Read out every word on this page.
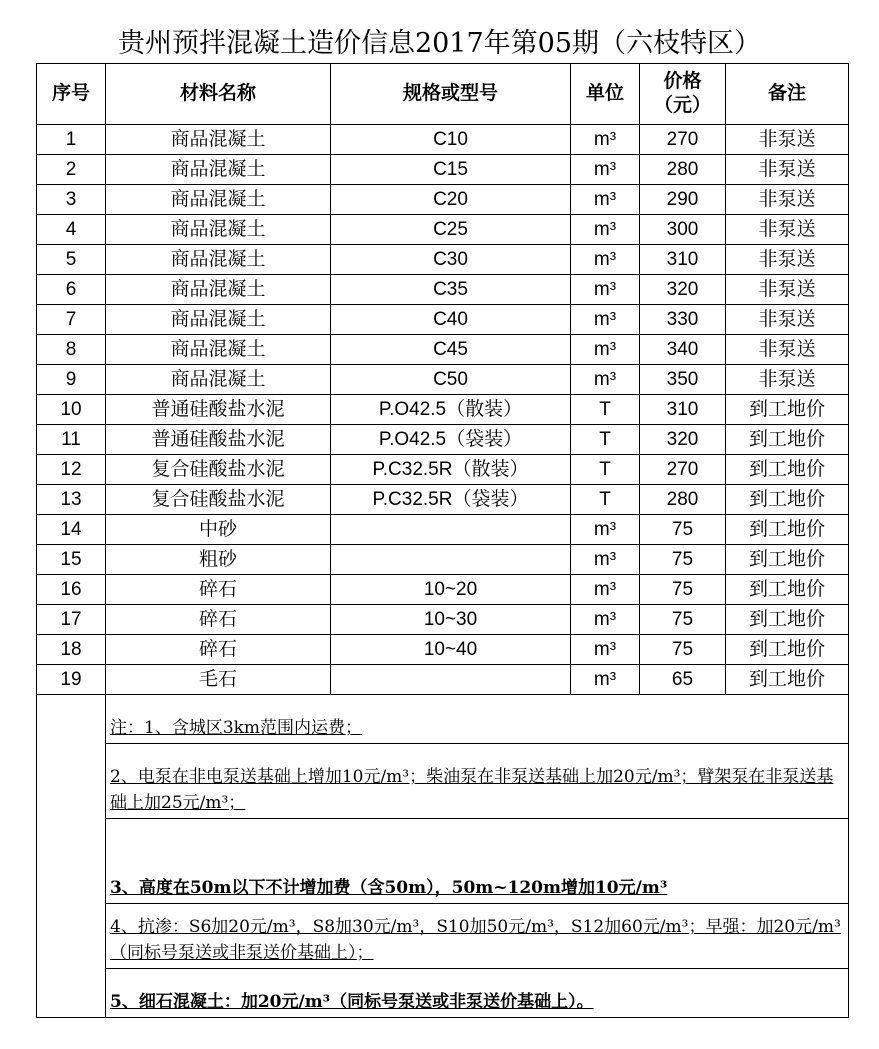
贵州预拌混凝土造价信息2017年第05期（六枝特区）
序号	材料名称	规格或型号	单位	价格（元）	备注
1	商品混凝土	C10	m³	270	非泵送
2	商品混凝土	C15	m³	280	非泵送
3	商品混凝土	C20	m³	290	非泵送
4	商品混凝土	C25	m³	300	非泵送
5	商品混凝土	C30	m³	310	非泵送
6	商品混凝土	C35	m³	320	非泵送
7	商品混凝土	C40	m³	330	非泵送
8	商品混凝土	C45	m³	340	非泵送
9	商品混凝土	C50	m³	350	非泵送
10	普通硅酸盐水泥	P.O42.5（散装）	T	310	到工地价
11	普通硅酸盐水泥	P.O42.5（袋装）	T	320	到工地价
12	复合硅酸盐水泥	P.C32.5R（散装）	T	270	到工地价
13	复合硅酸盐水泥	P.C32.5R（袋装）	T	280	到工地价
14	中砂		m³	75	到工地价
15	粗砂		m³	75	到工地价
16	碎石	10~20	m³	75	到工地价
17	碎石	10~30	m³	75	到工地价
18	碎石	10~40	m³	75	到工地价
19	毛石		m³	65	到工地价
	注：1、含城区3km范围内运费；				
	2、电泵在非电泵送基础上增加10元/m³；柴油泵在非泵送基础上加20元/m³；臂架泵在非泵送基础上加25元/m³；				
	3、高度在50m以下不计增加费（含50m），50m~120m增加10元/m³				
	4、抗渗：S6加20元/m³，S8加30元/m³，S10加50元/m³，S12加60元/m³；早强：加20元/m³（同标号泵送或非泵送价基础上）；				
	5、细石混凝土：加20元/m³（同标号泵送或非泵送价基础上）。				
